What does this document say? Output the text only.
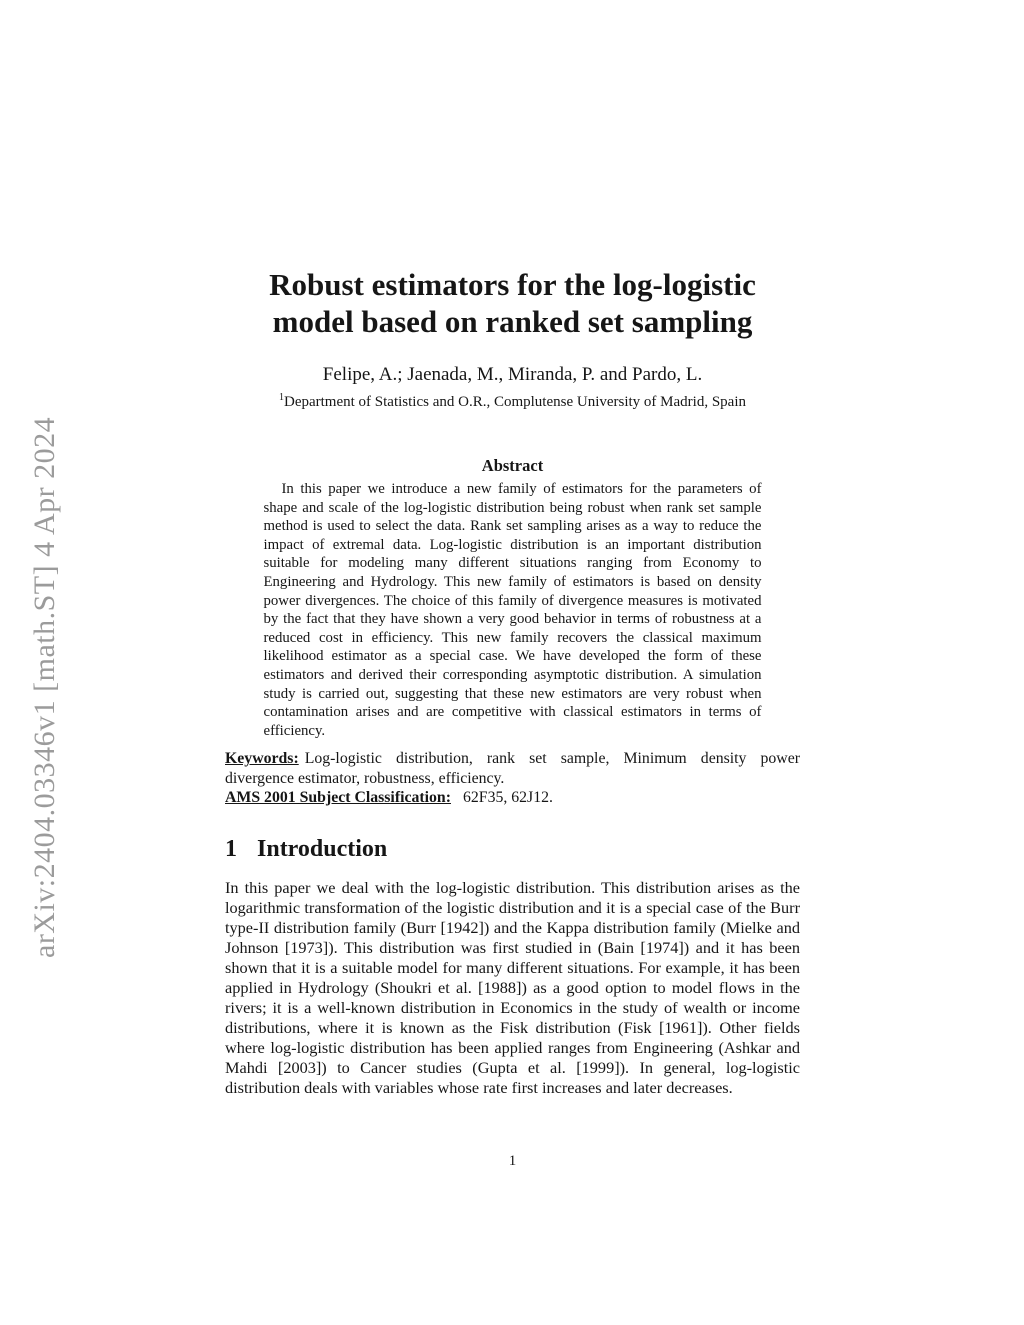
arXiv:2404.03346v1 [math.ST] 4 Apr 2024
Robust estimators for the log-logistic
model based on ranked set sampling
Felipe, A.; Jaenada, M., Miranda, P. and Pardo, L.
$^1$Department of Statistics and O.R., Complutense University of Madrid, Spain
Abstract
In this paper we introduce a new family of estimators for the parameters of shape and scale of the log-logistic distribution being robust when rank set sample method is used to select the data. Rank set sampling arises as a way to reduce the impact of extremal data. Log-logistic distribution is an important distribution suitable for modeling many different situations ranging from Economy to Engineering and Hydrology. This new family of estimators is based on density power divergences. The choice of this family of divergence measures is motivated by the fact that they have shown a very good behavior in terms of robustness at a reduced cost in efficiency. This new family recovers the classical maximum likelihood estimator as a special case. We have developed the form of these estimators and derived their corresponding asymptotic distribution. A simulation study is carried out, suggesting that these new estimators are very robust when contamination arises and are competitive with classical estimators in terms of efficiency.

Keywords: Log-logistic distribution, rank set sample, Minimum density power divergence estimator, robustness, efficiency.

AMS 2001 Subject Classification: 62F35, 62J12.

1 Introduction
In this paper we deal with the log-logistic distribution. This distribution arises as the logarithmic transformation of the logistic distribution and it is a special case of the Burr type-II distribution family (Burr [1942]) and the Kappa distribution family (Mielke and Johnson [1973]). This distribution was first studied in (Bain [1974]) and it has been shown that it is a suitable model for many different situations. For example, it has been applied in Hydrology (Shoukri et al. [1988]) as a good option to model flows in the rivers; it is a well-known distribution in Economics in the study of wealth or income distributions, where it is known as the Fisk distribution (Fisk [1961]). Other fields where log-logistic distribution has been applied ranges from Engineering (Ashkar and Mahdi [2003]) to Cancer studies (Gupta et al. [1999]). In general, log-logistic distribution deals with variables whose rate first increases and later decreases.
1
